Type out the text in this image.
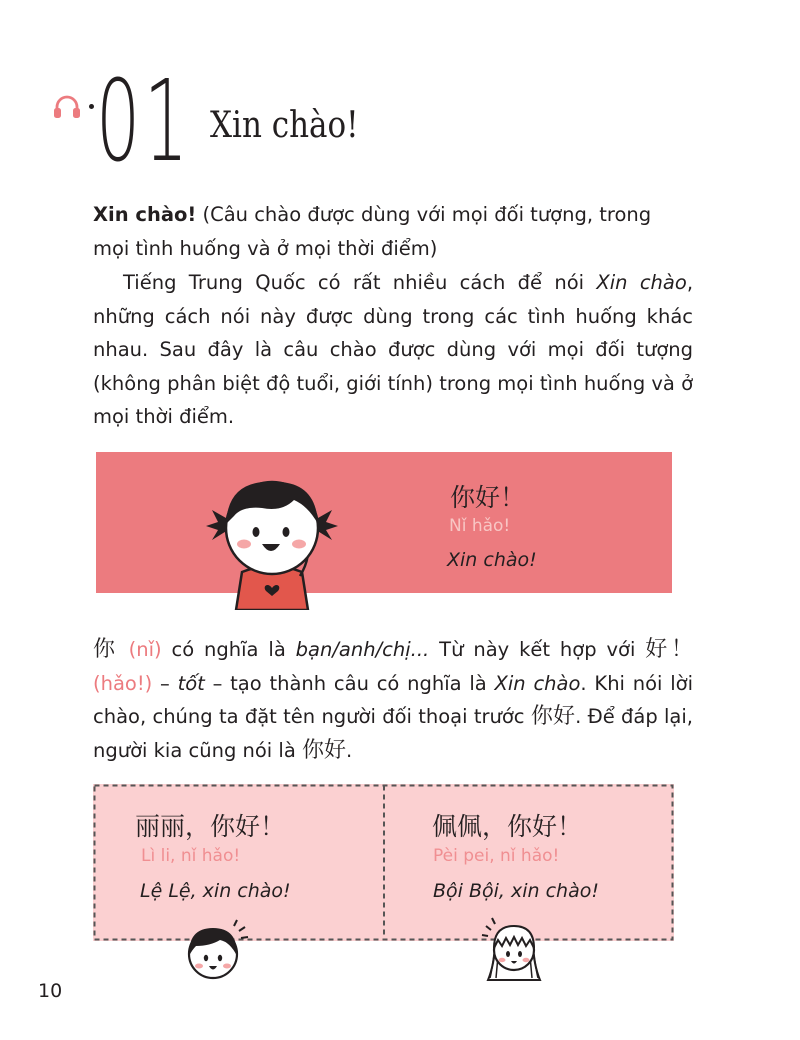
01 Xin chào!
Xin chào! (Câu chào được dùng với mọi đối tượng, trong mọi tình huống và ở mọi thời điểm)
Tiếng Trung Quốc có rất nhiều cách để nói Xin chào, những cách nói này được dùng trong các tình huống khác nhau. Sau đây là câu chào được dùng với mọi đối tượng (không phân biệt độ tuổi, giới tính) trong mọi tình huống và ở mọi thời điểm.
你好！
Nǐ hǎo!
Xin chào!
你 (nǐ) có nghĩa là bạn/anh/chị... Từ này kết hợp với 好！ (hǎo!) – tốt – tạo thành câu có nghĩa là Xin chào. Khi nói lời chào, chúng ta đặt tên người đối thoại trước 你好. Để đáp lại, người kia cũng nói là 你好.
丽丽，你好！
Lì li, nǐ hǎo!
Lệ Lệ, xin chào!
佩佩，你好！
Pèi pei, nǐ hǎo!
Bội Bội, xin chào!
10
